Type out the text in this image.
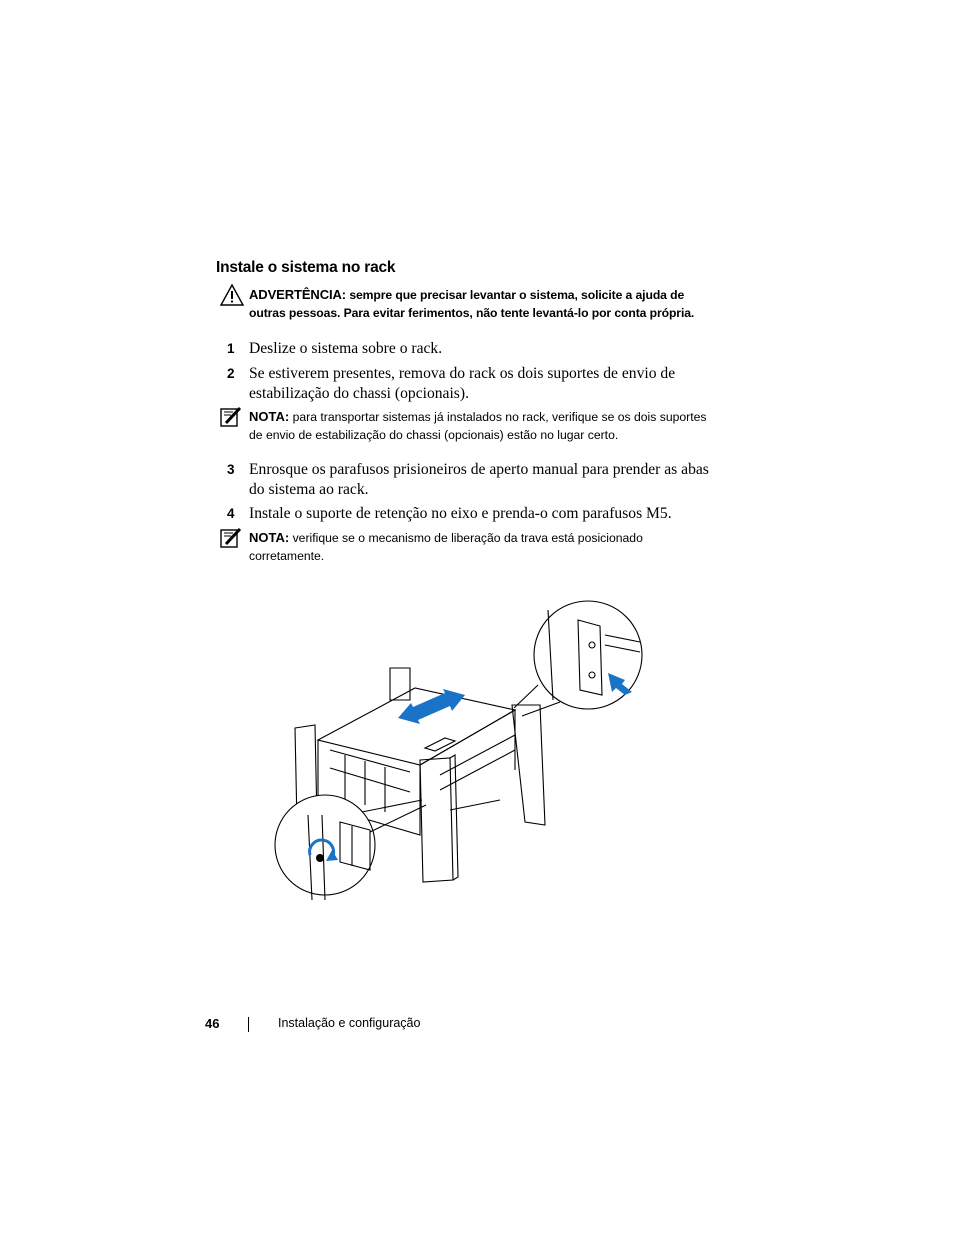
Instale o sistema no rack
ADVERTÊNCIA: sempre que precisar levantar o sistema, solicite a ajuda de outras pessoas. Para evitar ferimentos, não tente levantá-lo por conta própria.
1 Deslize o sistema sobre o rack.
2 Se estiverem presentes, remova do rack os dois suportes de envio de estabilização do chassi (opcionais).
NOTA: para transportar sistemas já instalados no rack, verifique se os dois suportes de envio de estabilização do chassi (opcionais) estão no lugar certo.
3 Enrosque os parafusos prisioneiros de aperto manual para prender as abas do sistema ao rack.
4 Instale o suporte de retenção no eixo e prenda-o com parafusos M5.
NOTA: verifique se o mecanismo de liberação da trava está posicionado corretamente.
46	Instalação e configuração
